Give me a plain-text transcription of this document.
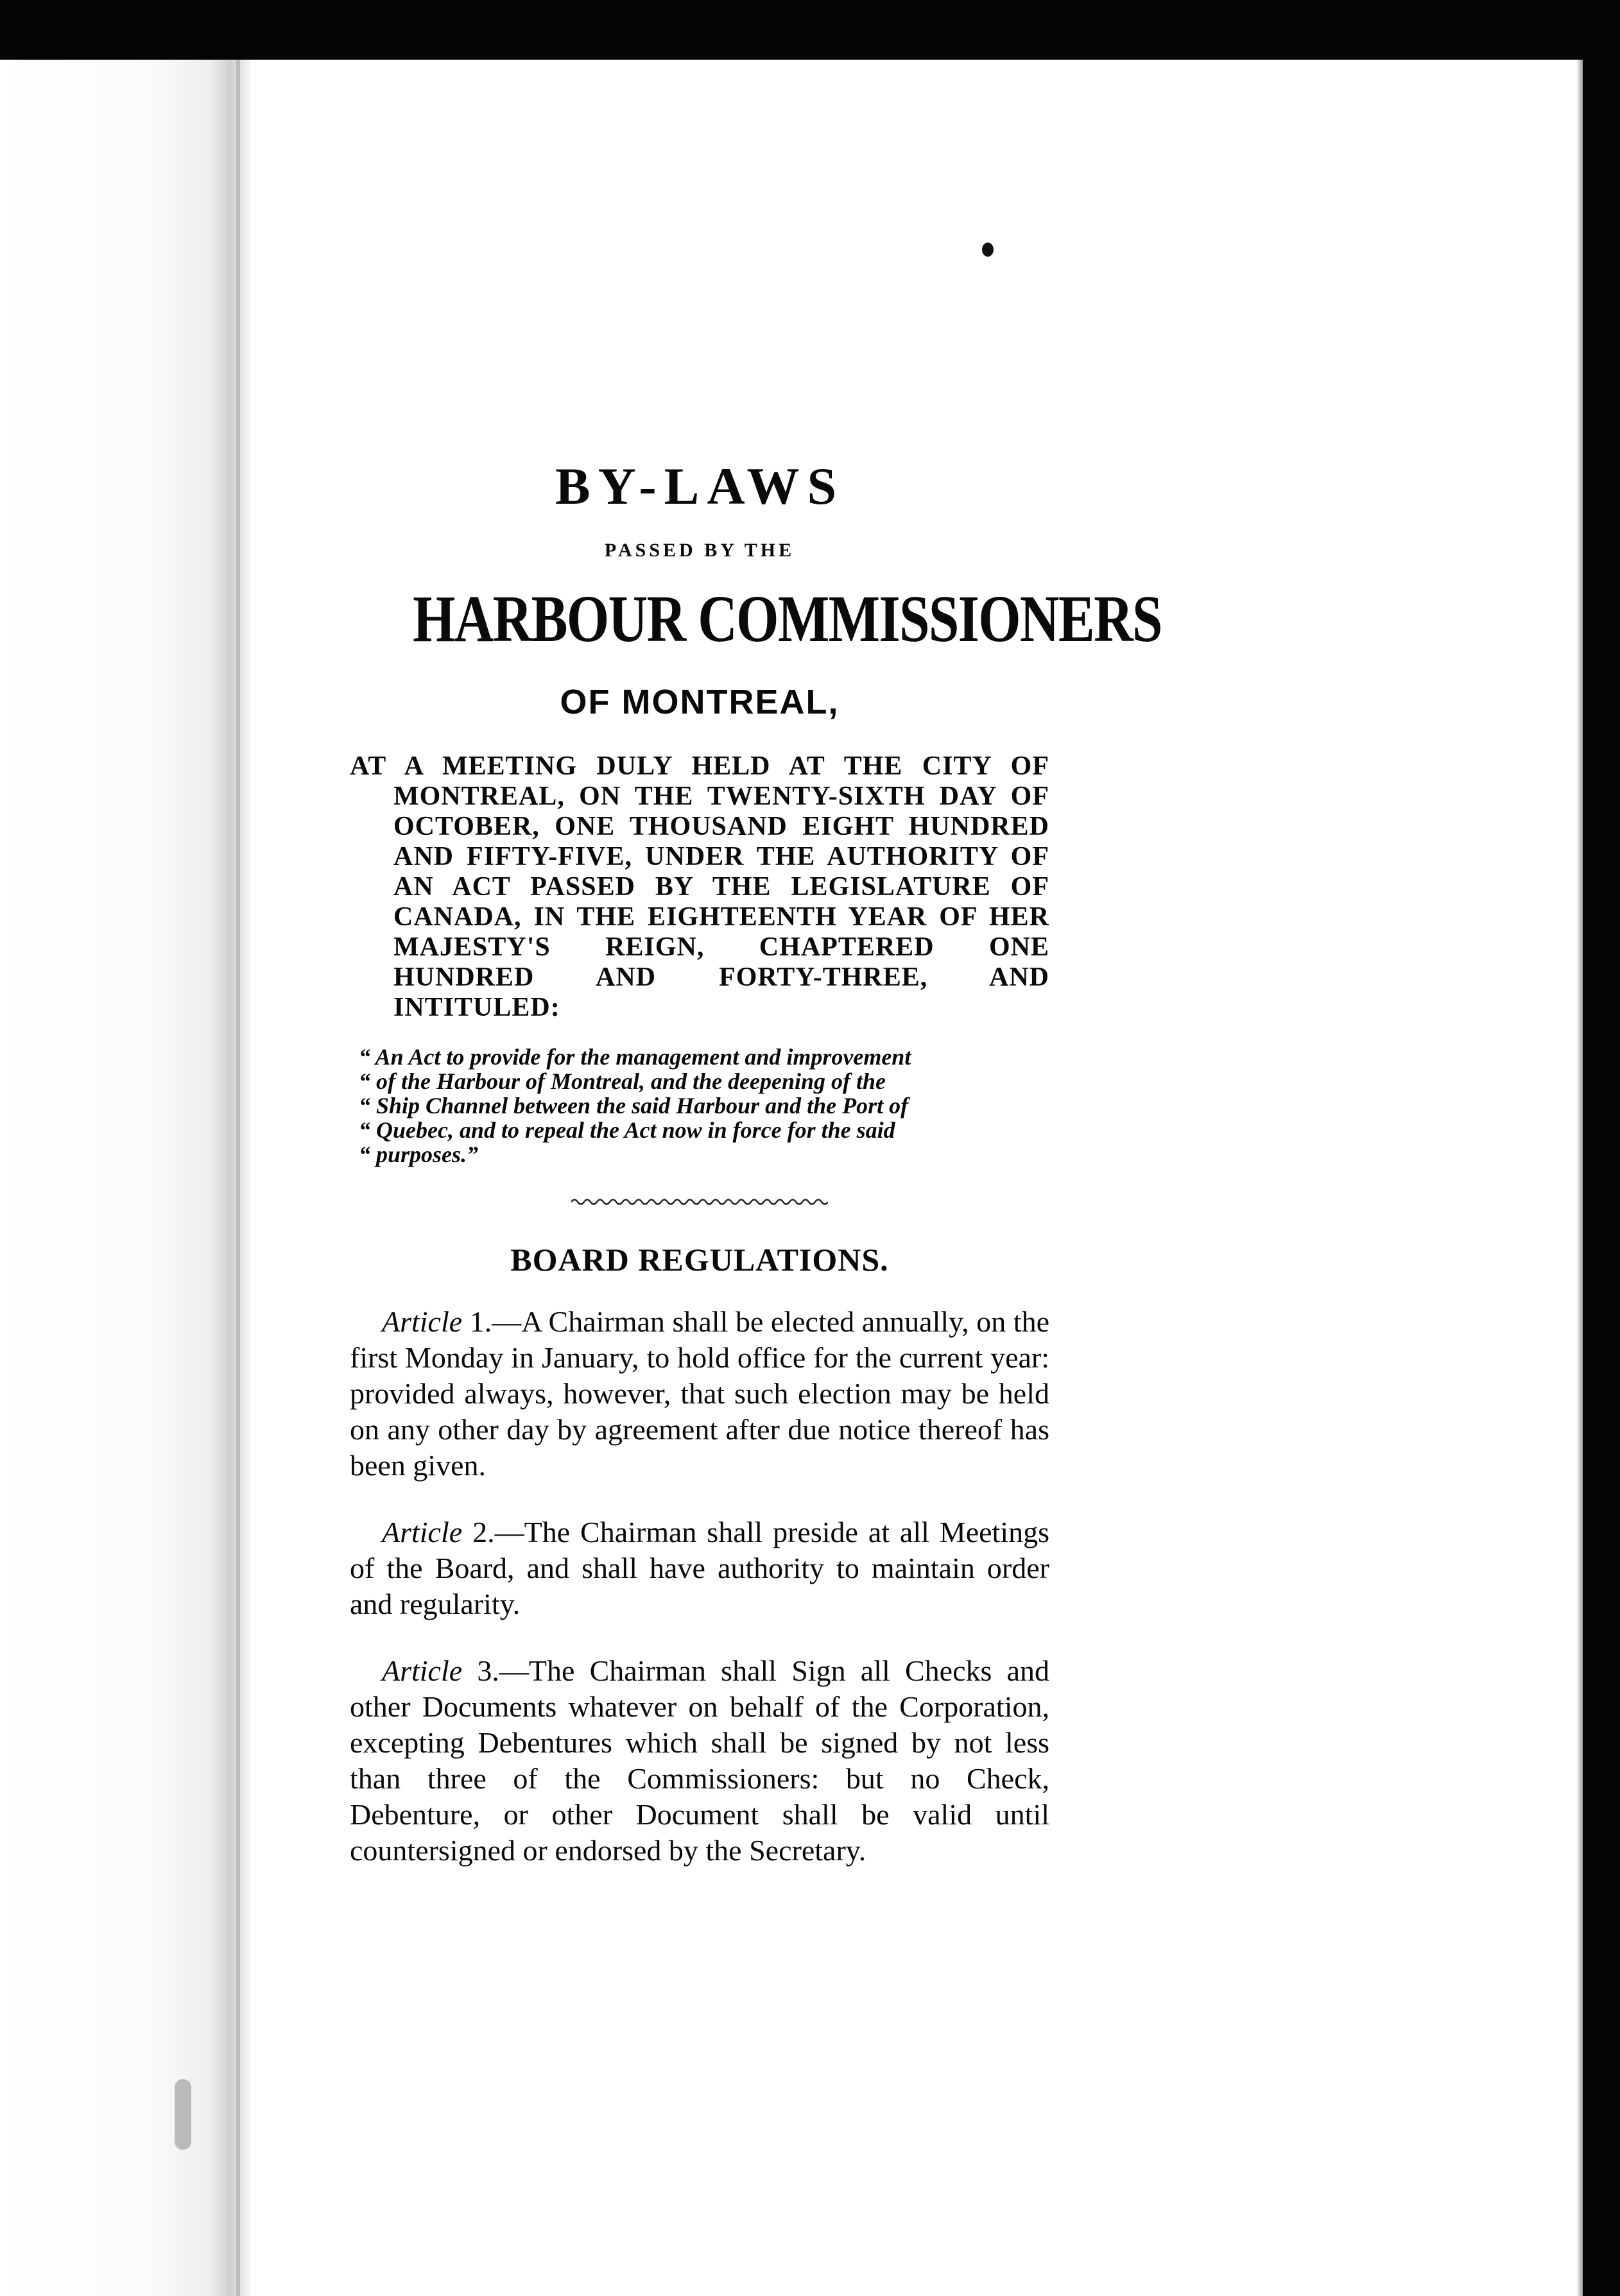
BY-LAWS
PASSED BY THE
HARBOUR COMMISSIONERS
OF MONTREAL,

AT A MEETING DULY HELD AT THE CITY OF MONTREAL, ON THE TWENTY-SIXTH DAY OF OCTOBER, ONE THOUSAND EIGHT HUNDRED AND FIFTY-FIVE, UNDER THE AUTHORITY OF AN ACT PASSED BY THE LEGISLATURE OF CANADA, IN THE EIGHTEENTH YEAR OF HER MAJESTY'S REIGN, CHAPTERED ONE HUNDRED AND FORTY-THREE, AND INTITULED:

“ An Act to provide for the management and improvement
“ of the Harbour of Montreal, and the deepening of the
“ Ship Channel between the said Harbour and the Port of
“ Quebec, and to repeal the Act now in force for the said
“ purposes.”
BOARD REGULATIONS.

Article 1.—A Chairman shall be elected annually, on the first Monday in January, to hold office for the current year: provided always, however, that such election may be held on any other day by agreement after due notice thereof has been given.

Article 2.—The Chairman shall preside at all Meetings of the Board, and shall have authority to maintain order and regularity.

Article 3.—The Chairman shall Sign all Checks and other Documents whatever on behalf of the Corporation, excepting Debentures which shall be signed by not less than three of the Commissioners: but no Check, Debenture, or other Document shall be valid until countersigned or endorsed by the Secretary.
